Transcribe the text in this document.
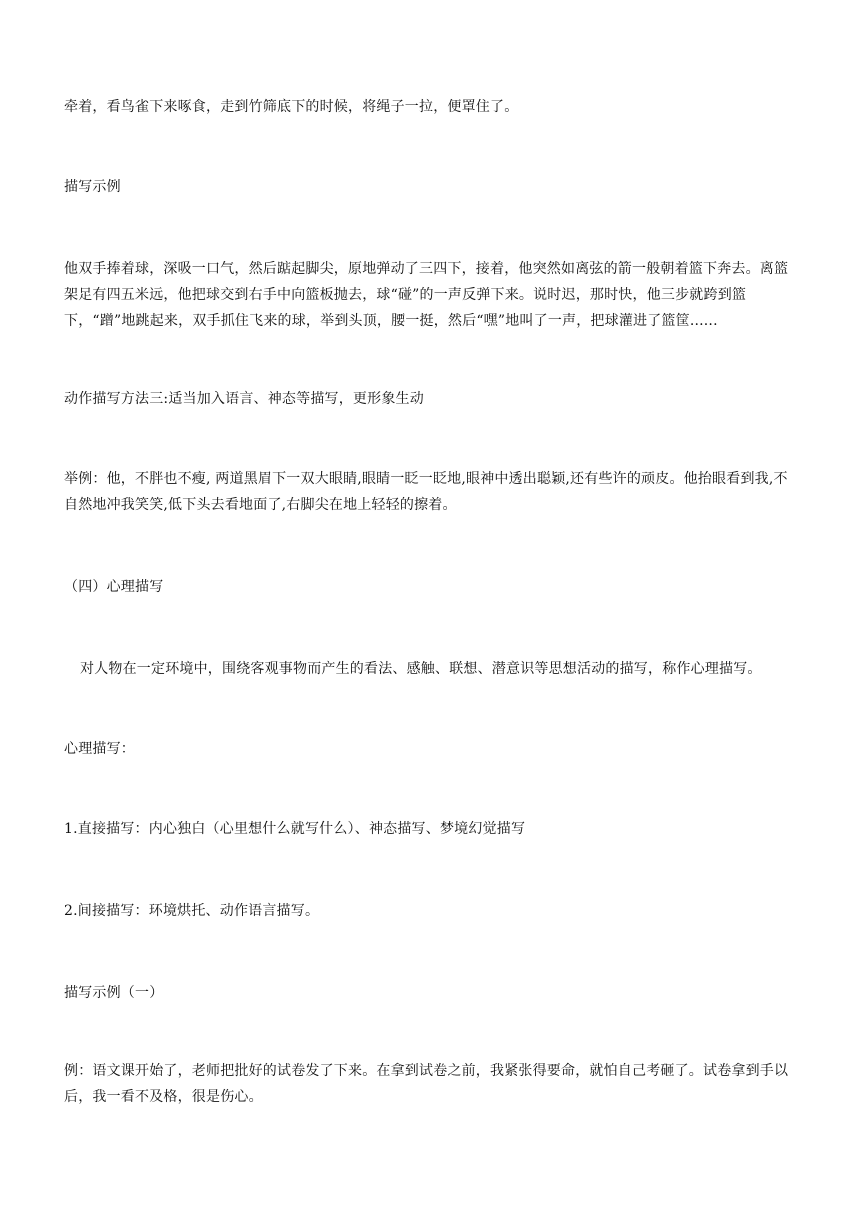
牵着，看鸟雀下来啄食，走到竹筛底下的时候，将绳子一拉，便罩住了。

描写示例

他双手捧着球，深吸一口气，然后踮起脚尖，原地弹动了三四下，接着，他突然如离弦的箭一般朝着篮下奔去。离篮架足有四五米远，他把球交到右手中向篮板抛去，球“碰”的一声反弹下来。说时迟，那时快，他三步就跨到篮下，“蹭”地跳起来，双手抓住飞来的球，举到头顶，腰一挺，然后“嘿”地叫了一声，把球灌进了篮筐......

动作描写方法三:适当加入语言、神态等描写，更形象生动

举例：他，不胖也不瘦, 两道黑眉下一双大眼睛,眼睛一眨一眨地,眼神中透出聪颖,还有些许的顽皮。他抬眼看到我,不自然地冲我笑笑,低下头去看地面了,右脚尖在地上轻轻的擦着。

（四）心理描写

对人物在一定环境中，围绕客观事物而产生的看法、感触、联想、潜意识等思想活动的描写，称作心理描写。

心理描写：

1.直接描写：内心独白（心里想什么就写什么）、神态描写、梦境幻觉描写

2.间接描写：环境烘托、动作语言描写。

描写示例（一）

例：语文课开始了，老师把批好的试卷发了下来。在拿到试卷之前，我紧张得要命，就怕自己考砸了。试卷拿到手以后，我一看不及格，很是伤心。
